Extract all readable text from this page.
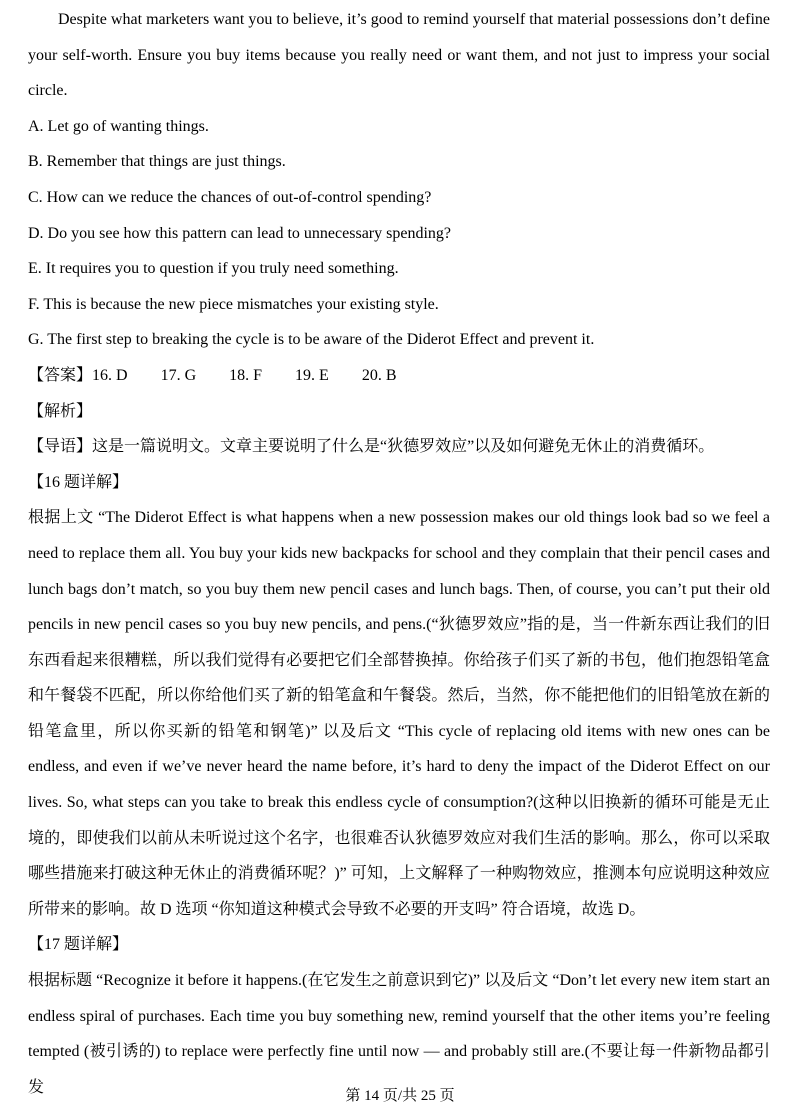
Despite what marketers want you to believe, it’s good to remind yourself that material possessions don’t define your self-worth. Ensure you buy items because you really need or want them, and not just to impress your social circle.

A. Let go of wanting things.

B. Remember that things are just things.

C. How can we reduce the chances of out-of-control spending?

D. Do you see how this pattern can lead to unnecessary spending?

E. It requires you to question if you truly need something.

F. This is because the new piece mismatches your existing style.

G. The first step to breaking the cycle is to be aware of the Diderot Effect and prevent it.

【答案】16. D 17. G 18. F 19. E 20. B

【解析】

【导语】这是一篇说明文。文章主要说明了什么是“狄德罗效应”以及如何避免无休止的消费循环。

【16 题详解】

根据上文 “The Diderot Effect is what happens when a new possession makes our old things look bad so we feel a need to replace them all. You buy your kids new backpacks for school and they complain that their pencil cases and lunch bags don’t match, so you buy them new pencil cases and lunch bags. Then, of course, you can’t put their old pencils in new pencil cases so you buy new pencils, and pens.(“狄德罗效应”指的是，当一件新东西让我们的旧东西看起来很糟糕，所以我们觉得有必要把它们全部替换掉。你给孩子们买了新的书包，他们抱怨铅笔盒和午餐袋不匹配，所以你给他们买了新的铅笔盒和午餐袋。然后，当然，你不能把他们的旧铅笔放在新的铅笔盒里，所以你买新的铅笔和钢笔)” 以及后文 “This cycle of replacing old items with new ones can be endless, and even if we’ve never heard the name before, it’s hard to deny the impact of the Diderot Effect on our lives. So, what steps can you take to break this endless cycle of consumption?(这种以旧换新的循环可能是无止境的，即使我们以前从未听说过这个名字，也很难否认狄德罗效应对我们生活的影响。那么，你可以采取哪些措施来打破这种无休止的消费循环呢？)” 可知，上文解释了一种购物效应，推测本句应说明这种效应所带来的影响。故 D 选项 “你知道这种模式会导致不必要的开支吗” 符合语境，故选 D。

【17 题详解】

根据标题 “Recognize it before it happens.(在它发生之前意识到它)” 以及后文 “Don’t let every new item start an endless spiral of purchases. Each time you buy something new, remind yourself that the other items you’re feeling tempted (被引诱的) to replace were perfectly fine until now — and probably still are.(不要让每一件新物品都引发

第 14 页/共 25 页
